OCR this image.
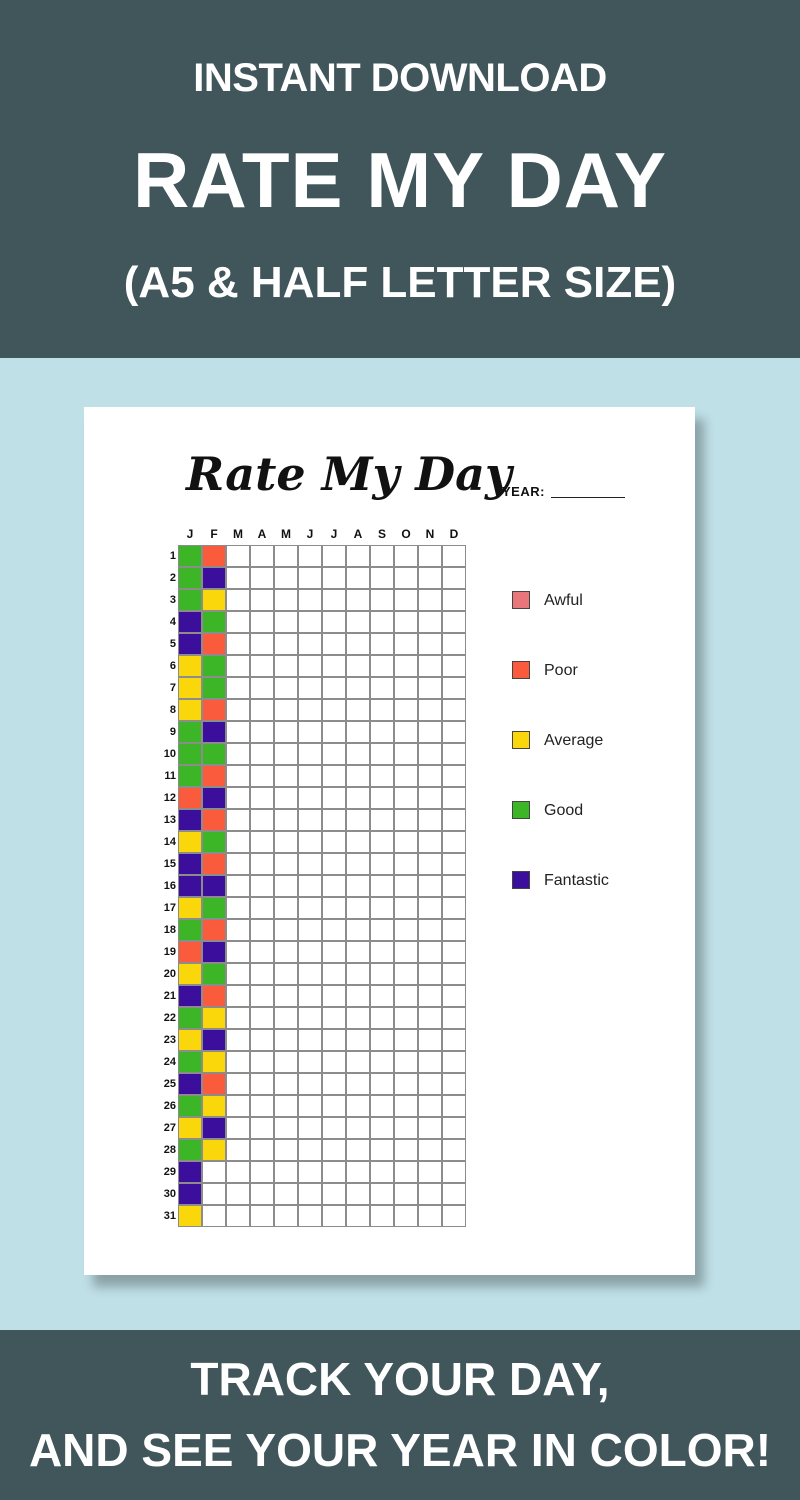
INSTANT DOWNLOAD
RATE MY DAY
(A5 & HALF LETTER SIZE)
Rate My Day
YEAR:
J	F	M	A	M	J	J	A	S	O	N	D
1
2
3
4
5
6
7
8
9
10
11
12
13
14
15
16
17
18
19
20
21
22
23
24
25
26
27
28
29
30
31
Awful
Poor
Average
Good
Fantastic
TRACK YOUR DAY,
AND SEE YOUR YEAR IN COLOR!
